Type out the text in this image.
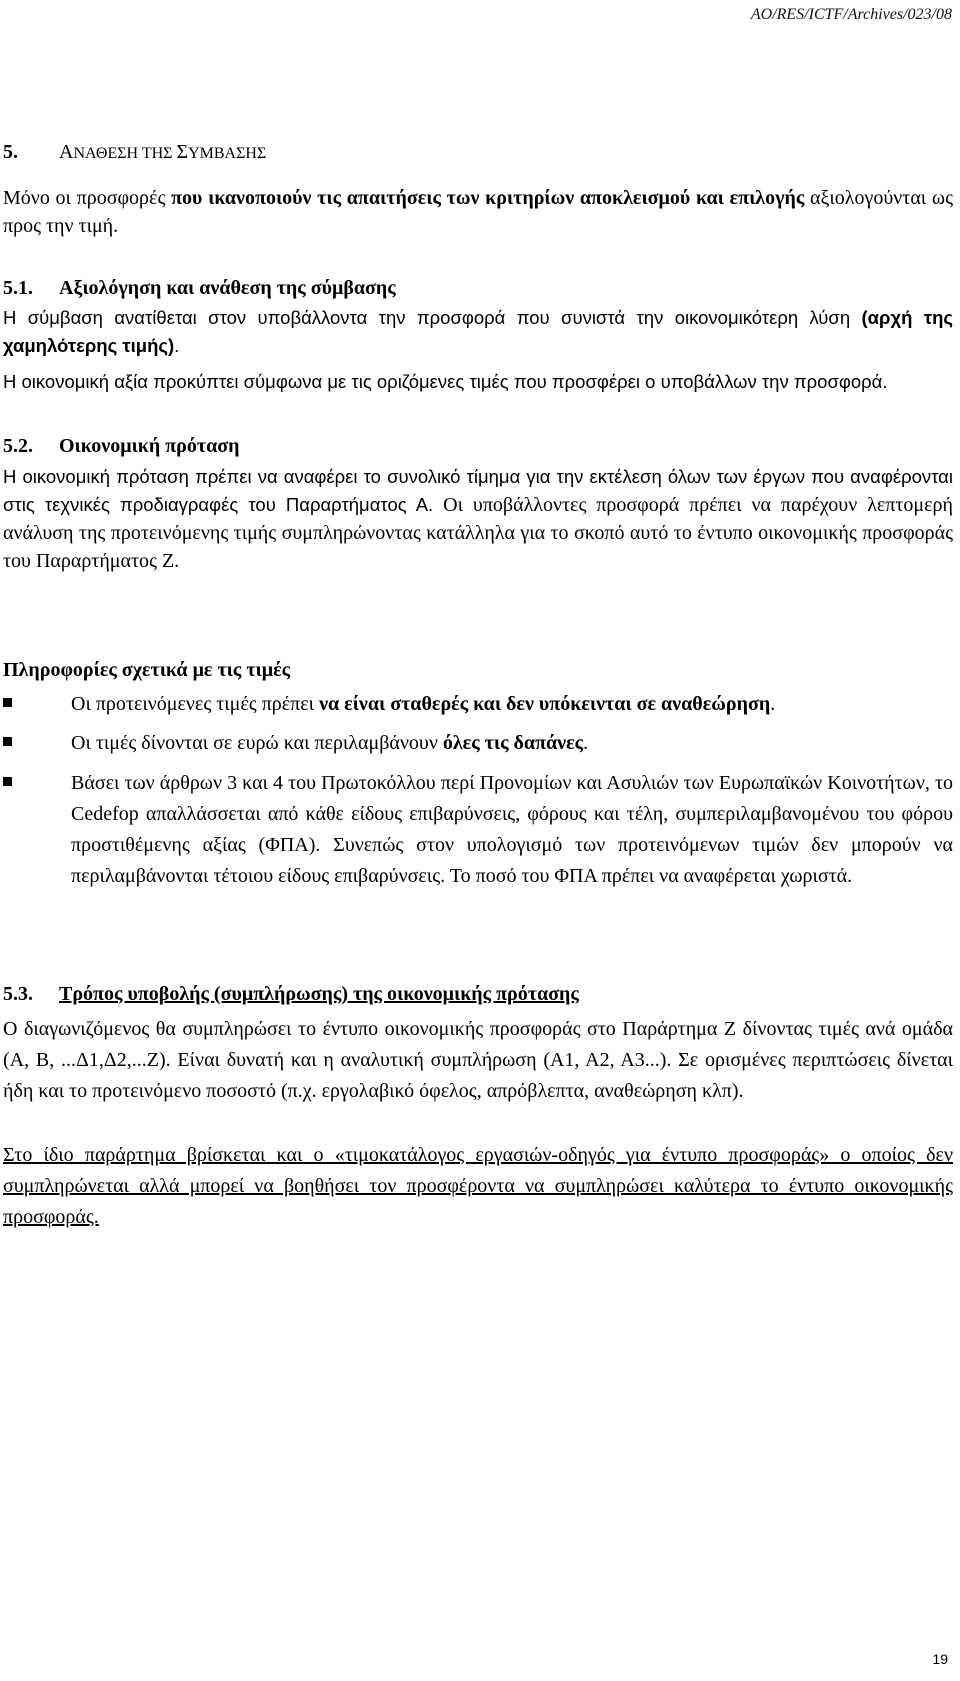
AO/RES/ICTF/Archives/023/08
5. ΑΝΑΘΕΣΗ ΤΗΣ ΣΥΜΒΑΣΗΣ
Μόνο οι προσφορές που ικανοποιούν τις απαιτήσεις των κριτηρίων αποκλεισμού και επιλογής αξιολογούνται ως προς την τιμή.
5.1. Αξιολόγηση και ανάθεση της σύμβασης
Η σύμβαση ανατίθεται στον υποβάλλοντα την προσφορά που συνιστά την οικονομικότερη λύση (αρχή της χαμηλότερης τιμής).
Η οικονομική αξία προκύπτει σύμφωνα με τις οριζόμενες τιμές που προσφέρει ο υποβάλλων την προσφορά.
5.2. Οικονομική πρόταση
Η οικονομική πρόταση πρέπει να αναφέρει το συνολικό τίμημα για την εκτέλεση όλων των έργων που αναφέρονται στις τεχνικές προδιαγραφές του Παραρτήματος Α. Οι υποβάλλοντες προσφορά πρέπει να παρέχουν λεπτομερή ανάλυση της προτεινόμενης τιμής συμπληρώνοντας κατάλληλα για το σκοπό αυτό το έντυπο οικονομικής προσφοράς του Παραρτήματος Ζ.
Πληροφορίες σχετικά με τις τιμές
Οι προτεινόμενες τιμές πρέπει να είναι σταθερές και δεν υπόκεινται σε αναθεώρηση.
Οι τιμές δίνονται σε ευρώ και περιλαμβάνουν όλες τις δαπάνες.
Βάσει των άρθρων 3 και 4 του Πρωτοκόλλου περί Προνομίων και Ασυλιών των Ευρωπαϊκών Κοινοτήτων, το Cedefop απαλλάσσεται από κάθε είδους επιβαρύνσεις, φόρους και τέλη, συμπεριλαμβανομένου του φόρου προστιθέμενης αξίας (ΦΠΑ). Συνεπώς στον υπολογισμό των προτεινόμενων τιμών δεν μπορούν να περιλαμβάνονται τέτοιου είδους επιβαρύνσεις. Το ποσό του ΦΠΑ πρέπει να αναφέρεται χωριστά.
5.3. Τρόπος υποβολής (συμπλήρωσης) της οικονομικής πρότασης
Ο διαγωνιζόμενος θα συμπληρώσει το έντυπο οικονομικής προσφοράς στο Παράρτημα Ζ δίνοντας τιμές ανά ομάδα (Α, Β, ...Δ1,Δ2,...Ζ). Είναι δυνατή και η αναλυτική συμπλήρωση (Α1, Α2, Α3...). Σε ορισμένες περιπτώσεις δίνεται ήδη και το προτεινόμενο ποσοστό (π.χ. εργολαβικό όφελος, απρόβλεπτα, αναθεώρηση κλπ).
Στο ίδιο παράρτημα βρίσκεται και ο «τιμοκατάλογος εργασιών-οδηγός για έντυπο προσφοράς» ο οποίος δεν συμπληρώνεται αλλά μπορεί να βοηθήσει τον προσφέροντα να συμπληρώσει καλύτερα το έντυπο οικονομικής προσφοράς.
19
